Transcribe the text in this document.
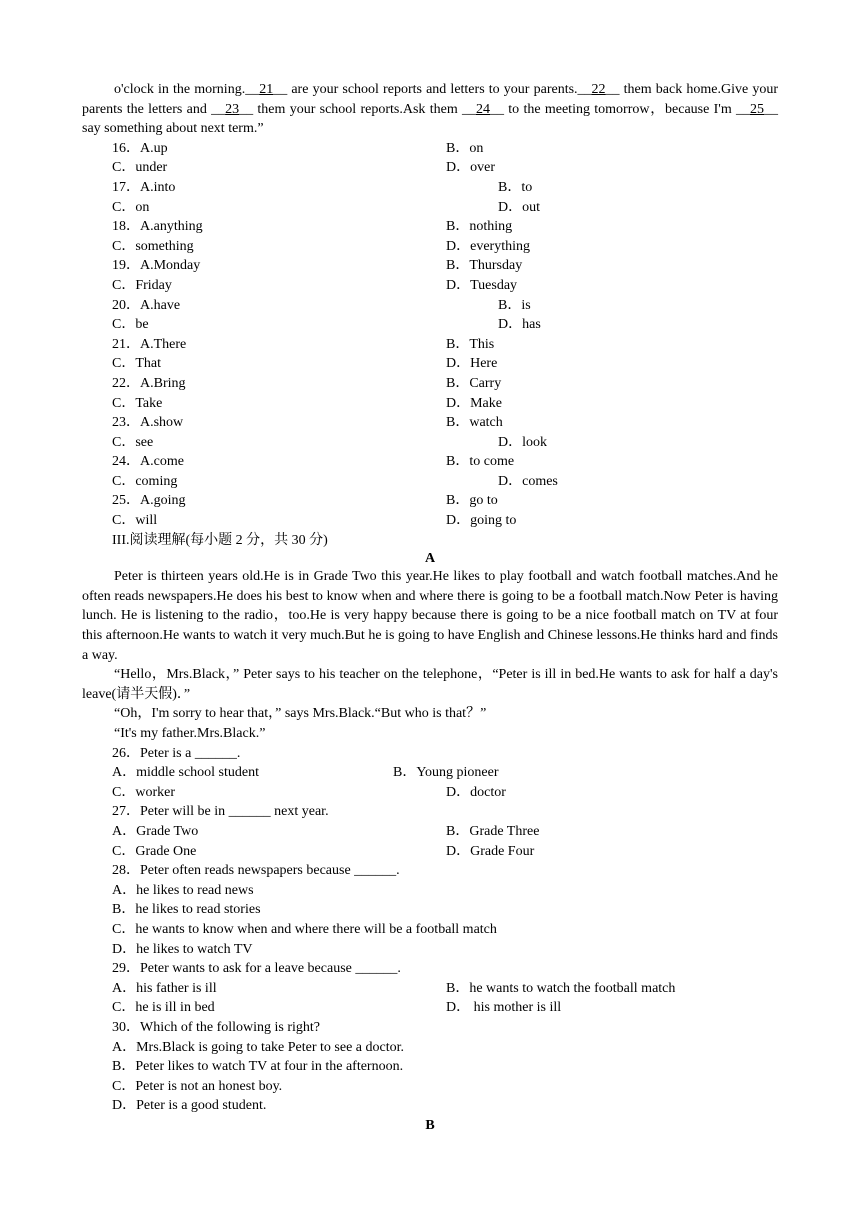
o'clock in the morning.__21__ are your school reports and letters to your parents.__22__ them back home.Give your parents the letters and __23__ them your school reports.Ask them __24__ to the meeting tomorrow，because I'm __25__ say something about next term.”

16．A.up	B．on
C．under	D．over
17．A.into	B．to
C．on	D．out
18．A.anything	B．nothing
C．something	D．everything
19．A.Monday	B．Thursday
C．Friday	D．Tuesday
20．A.have	B．is
C．be	D．has
21．A.There	B．This
C．That	D．Here
22．A.Bring	B．Carry
C．Take	D．Make
23．A.show	B．watch
C．see	D．look
24．A.come	B．to come
C．coming	D．comes
25．A.going	B．go to
C．will	D．going to
III.阅读理解(每小题 2 分，共 30 分)
A

Peter is thirteen years old.He is in Grade Two this year.He likes to play football and watch football matches.And he often reads newspapers.He does his best to know when and where there is going to be a football match.Now Peter is having lunch. He is listening to the radio，too.He is very happy because there is going to be a nice football match on TV at four this afternoon.He wants to watch it very much.But he is going to have English and Chinese lessons.He thinks hard and finds a way.

“Hello，Mrs.Black，” Peter says to his teacher on the telephone，“Peter is ill in bed.He wants to ask for half a day's leave(请半天假)．”

“Oh，I'm sorry to hear that，” says Mrs.Black.“But who is that？”

“It's my father.Mrs.Black.”

26．Peter is a ______.
A．middle school student	B．Young pioneer
C．worker	D．doctor
27．Peter will be in ______ next year.
A．Grade Two	B．Grade Three
C．Grade One	D．Grade Four
28．Peter often reads newspapers because ______.
A．he likes to read news
B．he likes to read stories
C．he wants to know when and where there will be a football match
D．he likes to watch TV
29．Peter wants to ask for a leave because ______.
A．his father is ill	B．he wants to watch the football match
C．he is ill in bed	D． his mother is ill
30．Which of the following is right?
A．Mrs.Black is going to take Peter to see a doctor.
B．Peter likes to watch TV at four in the afternoon.
C．Peter is not an honest boy.
D．Peter is a good student.
B
